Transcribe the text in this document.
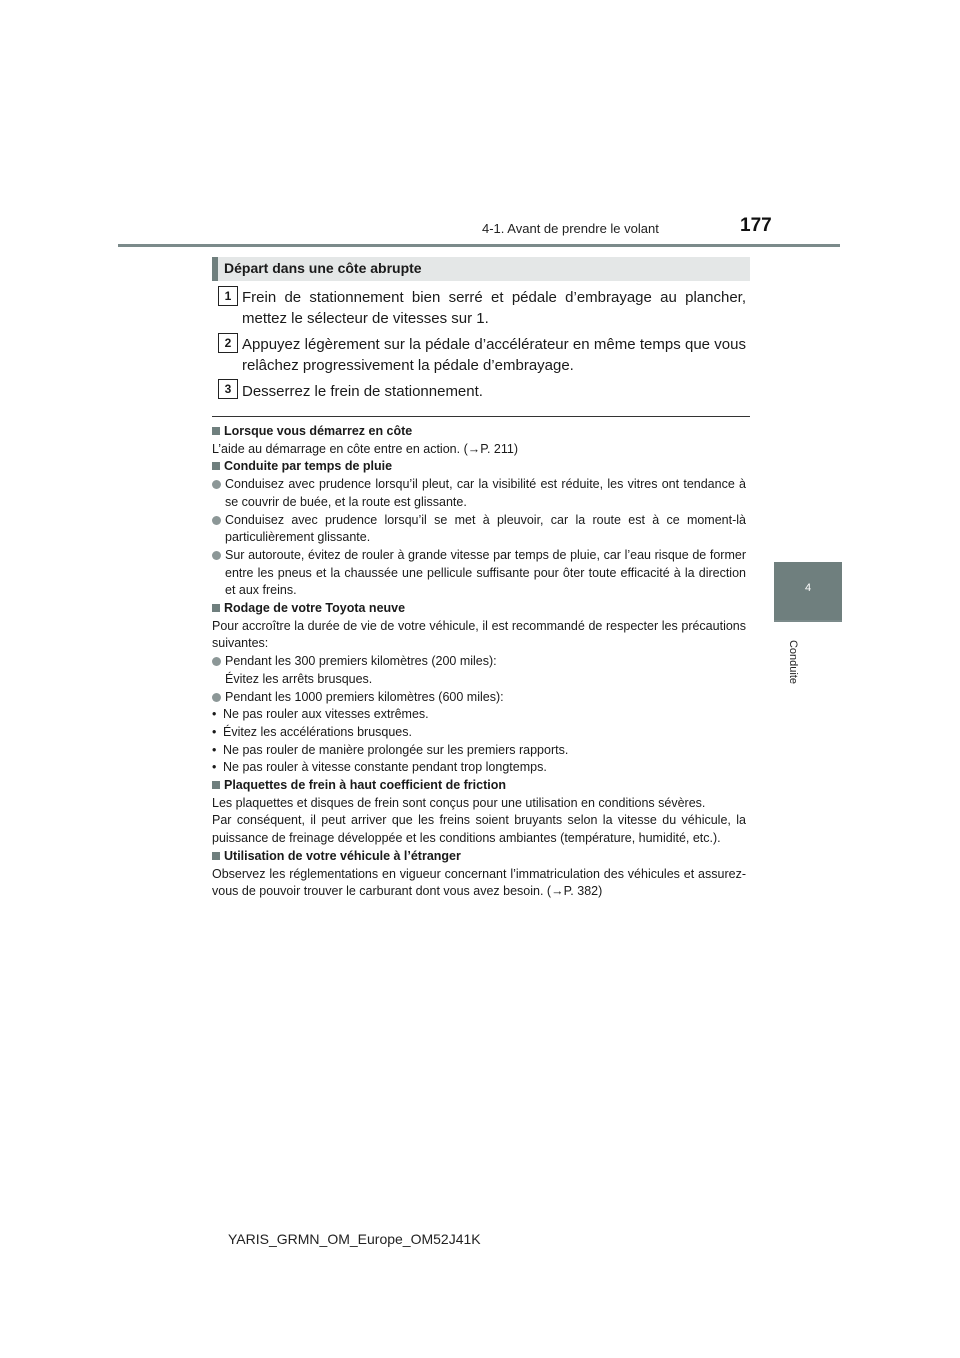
4-1. Avant de prendre le volant	177
4
Conduite
Départ dans une côte abrupte
1 Frein de stationnement bien serré et pédale d’embrayage au plancher, mettez le sélecteur de vitesses sur 1.
2 Appuyez légèrement sur la pédale d’accélérateur en même temps que vous relâchez progressivement la pédale d’embrayage.
3 Desserrez le frein de stationnement.

Lorsque vous démarrez en côte

L’aide au démarrage en côte entre en action. (→P. 211)

Conduite par temps de pluie

Conduisez avec prudence lorsqu’il pleut, car la visibilité est réduite, les vitres ont tendance à se couvrir de buée, et la route est glissante.

Conduisez avec prudence lorsqu’il se met à pleuvoir, car la route est à ce moment-là particulièrement glissante.

Sur autoroute, évitez de rouler à grande vitesse par temps de pluie, car l’eau risque de former entre les pneus et la chaussée une pellicule suffisante pour ôter toute efficacité à la direction et aux freins.

Rodage de votre Toyota neuve

Pour accroître la durée de vie de votre véhicule, il est recommandé de respecter les précautions suivantes:

Pendant les 300 premiers kilomètres (200 miles):
Évitez les arrêts brusques.

Pendant les 1000 premiers kilomètres (600 miles):

• Ne pas rouler aux vitesses extrêmes.

• Évitez les accélérations brusques.

• Ne pas rouler de manière prolongée sur les premiers rapports.

• Ne pas rouler à vitesse constante pendant trop longtemps.

Plaquettes de frein à haut coefficient de friction

Les plaquettes et disques de frein sont conçus pour une utilisation en conditions sévères.

Par conséquent, il peut arriver que les freins soient bruyants selon la vitesse du véhicule, la puissance de freinage développée et les conditions ambiantes (température, humidité, etc.).

Utilisation de votre véhicule à l’étranger

Observez les réglementations en vigueur concernant l’immatriculation des véhicules et assurez-vous de pouvoir trouver le carburant dont vous avez besoin. (→P. 382)

YARIS_GRMN_OM_Europe_OM52J41K
